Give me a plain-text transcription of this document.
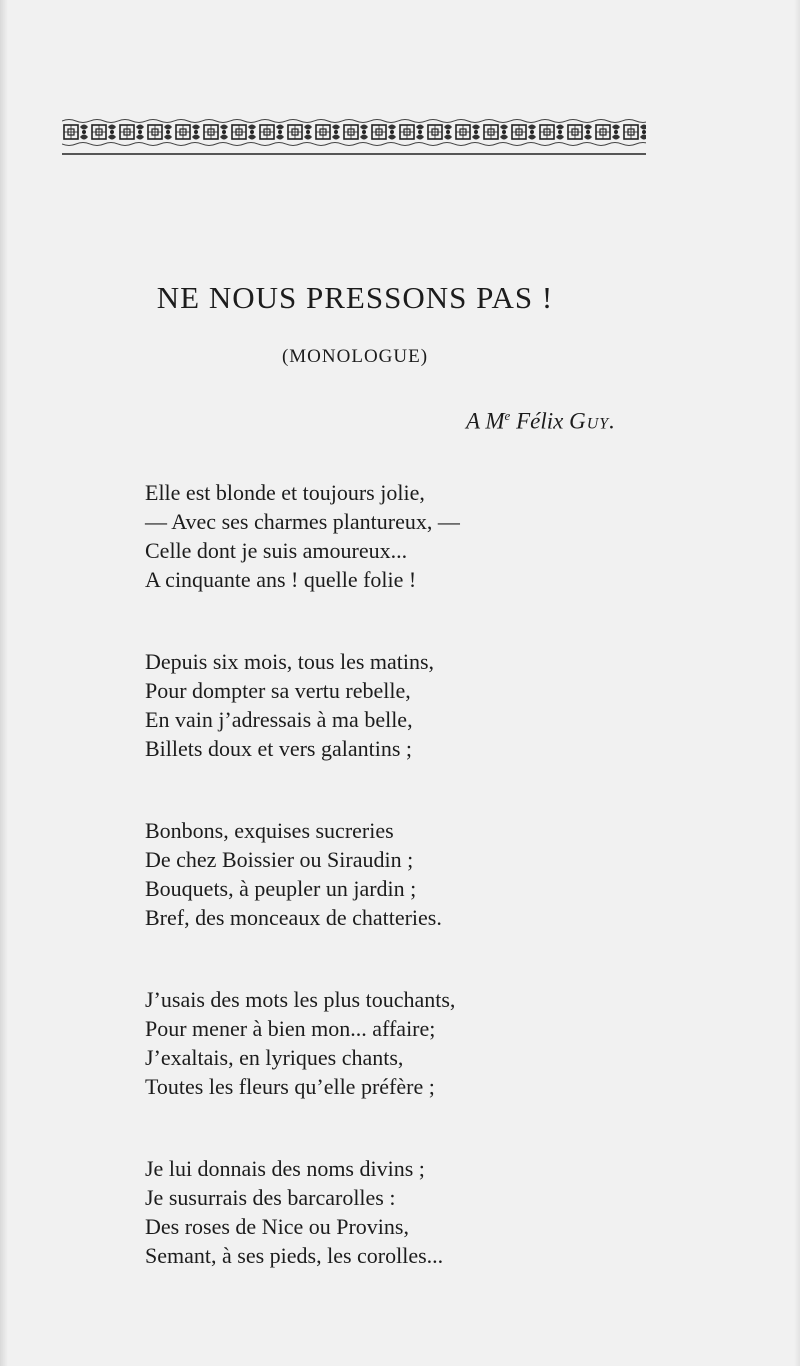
NE NOUS PRESSONS PAS !

(MONOLOGUE)

A Me Félix Guy.

Elle est blonde et toujours jolie,
— Avec ses charmes plantureux, —
Celle dont je suis amoureux...
A cinquante ans ! quelle folie !
Depuis six mois, tous les matins,
Pour dompter sa vertu rebelle,
En vain j’adressais à ma belle,
Billets doux et vers galantins ;
Bonbons, exquises sucreries
De chez Boissier ou Siraudin ;
Bouquets, à peupler un jardin ;
Bref, des monceaux de chatteries.
J’usais des mots les plus touchants,
Pour mener à bien mon... affaire;
J’exaltais, en lyriques chants,
Toutes les fleurs qu’elle préfère ;
Je lui donnais des noms divins ;
Je susurrais des barcarolles :
Des roses de Nice ou Provins,
Semant, à ses pieds, les corolles...
